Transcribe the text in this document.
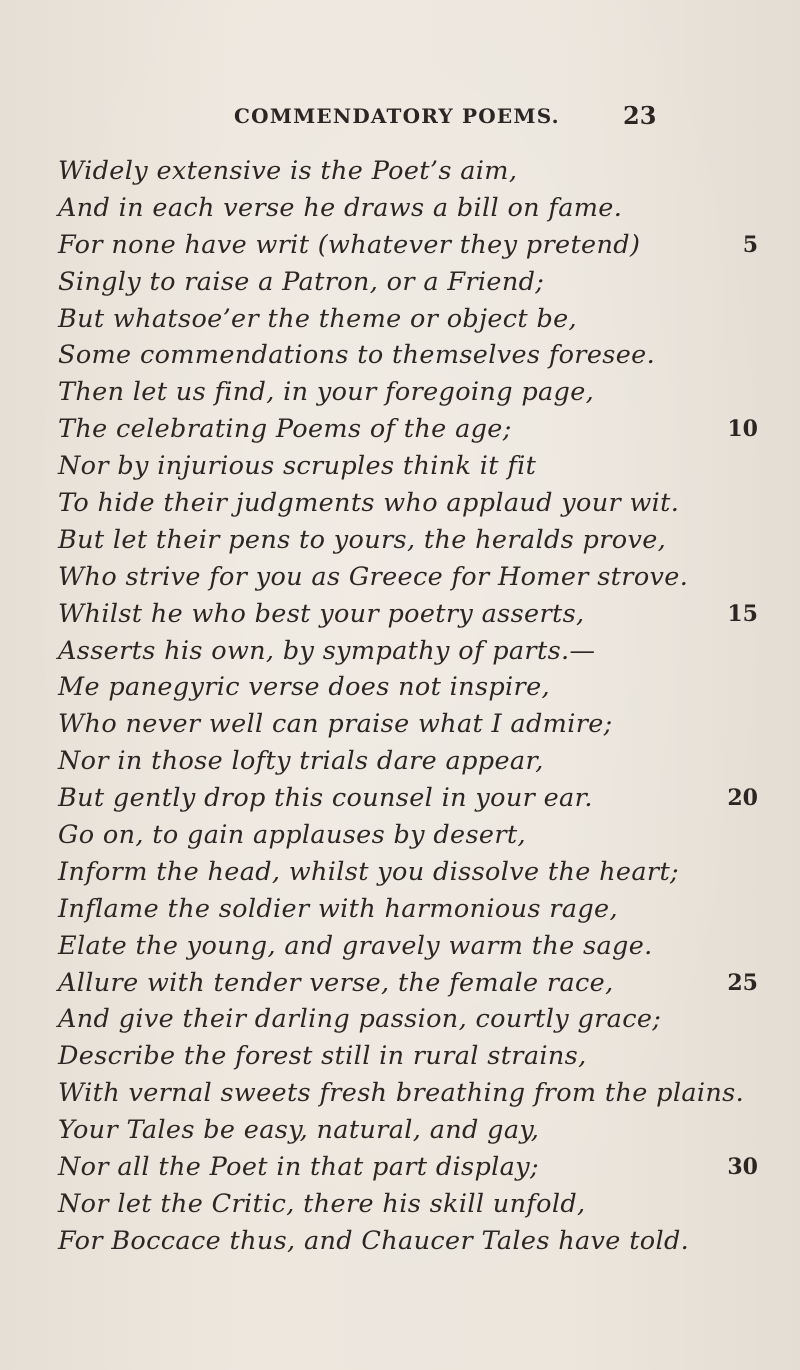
COMMENDATORY POEMS.	23
Widely extensive is the Poet’s aim,
And in each verse he draws a bill on fame.
For none have writ (whatever they pretend)	5
Singly to raise a Patron, or a Friend;
But whatsoe’er the theme or object be,
Some commendations to themselves foresee.
Then let us find, in your foregoing page,
The celebrating Poems of the age;	10
Nor by injurious scruples think it fit
To hide their judgments who applaud your wit.
But let their pens to yours, the heralds prove,
Who strive for you as Greece for Homer strove.
Whilst he who best your poetry asserts,	15
Asserts his own, by sympathy of parts.—
Me panegyric verse does not inspire,
Who never well can praise what I admire;
Nor in those lofty trials dare appear,
But gently drop this counsel in your ear.	20
Go on, to gain applauses by desert,
Inform the head, whilst you dissolve the heart;
Inflame the soldier with harmonious rage,
Elate the young, and gravely warm the sage.
Allure with tender verse, the female race,	25
And give their darling passion, courtly grace;
Describe the forest still in rural strains,
With vernal sweets fresh breathing from the plains.
Your Tales be easy, natural, and gay,
Nor all the Poet in that part display;	30
Nor let the Critic, there his skill unfold,
For Boccace thus, and Chaucer Tales have told.
